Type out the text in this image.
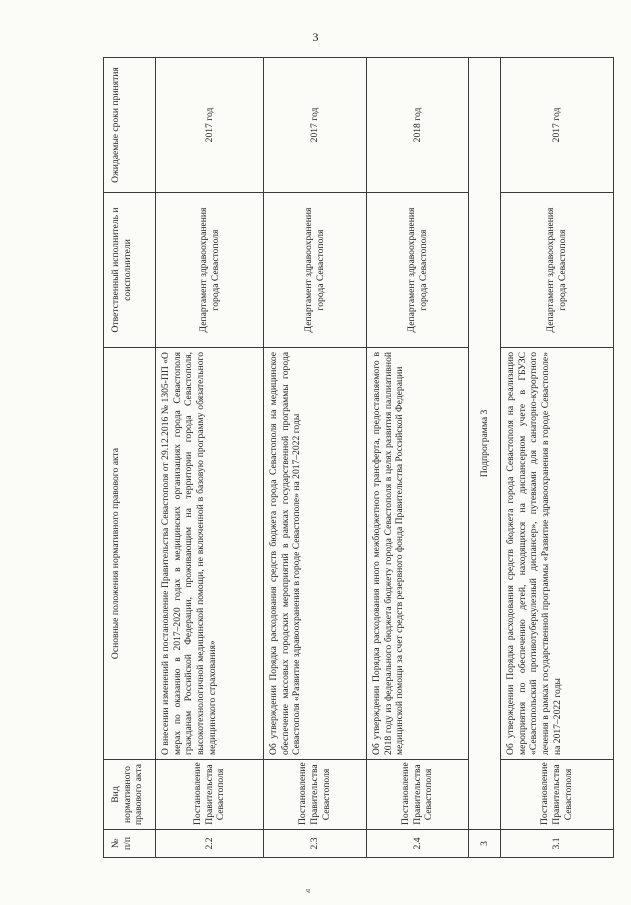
3
№ п/п	Вид нормативного правового акта	Основные положения нормативного правового акта	Ответственный исполнитель и соисполнители	Ожидаемые сроки принятия
2.2	Постановление Правительства Севастополя	О внесении изменений в постановление Правительства Севастополя от 29.12.2016 № 1305-ПП «О мерах по оказанию в 2017–2020 годах в медицинских организациях города Севастополя гражданам Российской Федерации, проживающим на территории города Севастополя, высокотехнологичной медицинской помощи, не включенной в базовую программу обязательного медицинского страхования»	Департамент здравоохранения города Севастополя	2017 год
2.3	Постановление Правительства Севастополя	Об утверждении Порядка расходования средств бюджета города Севастополя на медицинское обеспечение массовых городских мероприятий в рамках государственной программы города Севастополя «Развитие здравоохранения в городе Севастополе» на 2017–2022 годы	Департамент здравоохранения города Севастополя	2017 год
2.4	Постановление Правительства Севастополя	Об утверждении Порядка расходования иного межбюджетного трансферта, предоставляемого в 2018 году из федерального бюджета бюджету города Севастополя в целях развития паллиативной медицинской помощи за счет средств резервного фонда Правительства Российской Федерации	Департамент здравоохранения города Севастополя	2018 год
3	Подпрограмма 3			
3.1	Постановление Правительства Севастополя	Об утверждении Порядка расходования средств бюджета города Севастополя на реализацию мероприятия по обеспечению детей, находящихся на диспансерном учете в ГБУЗС «Севастопольский противотуберкулезный диспансер», путевками для санаторно-курортного лечения в рамках государственной программы «Развитие здравоохранения в городе Севастополе» на 2017–2022 годы	Департамент здравоохранения города Севастополя	2017 год
ч
